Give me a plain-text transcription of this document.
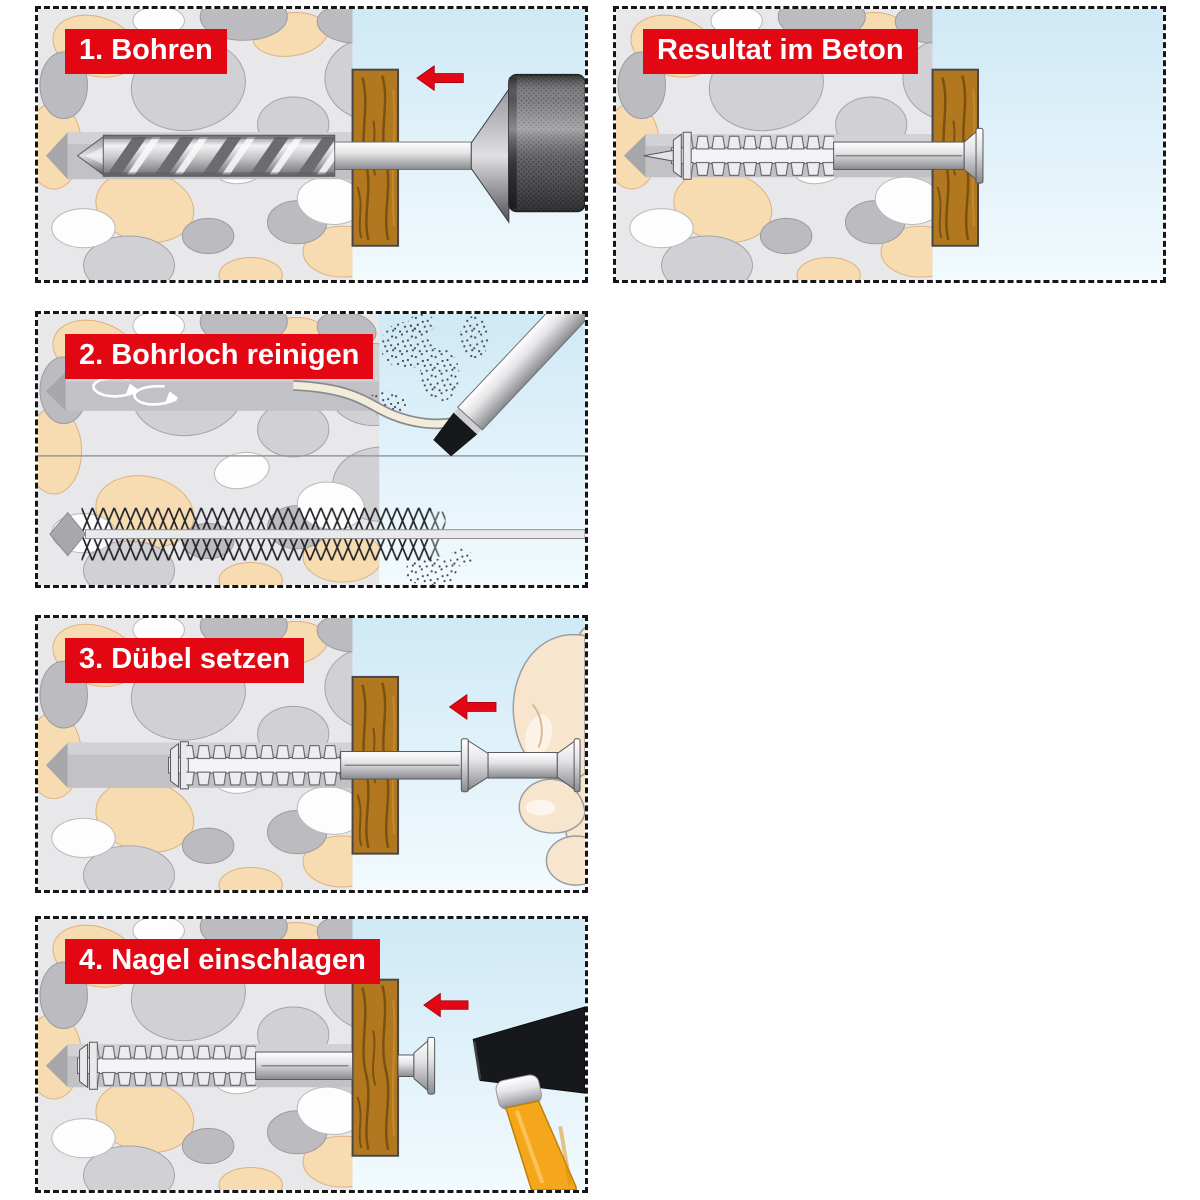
1. Bohren	Resultat im Beton
2. Bohrloch reinigen
3. Dübel setzen
4. Nagel einschlagen
